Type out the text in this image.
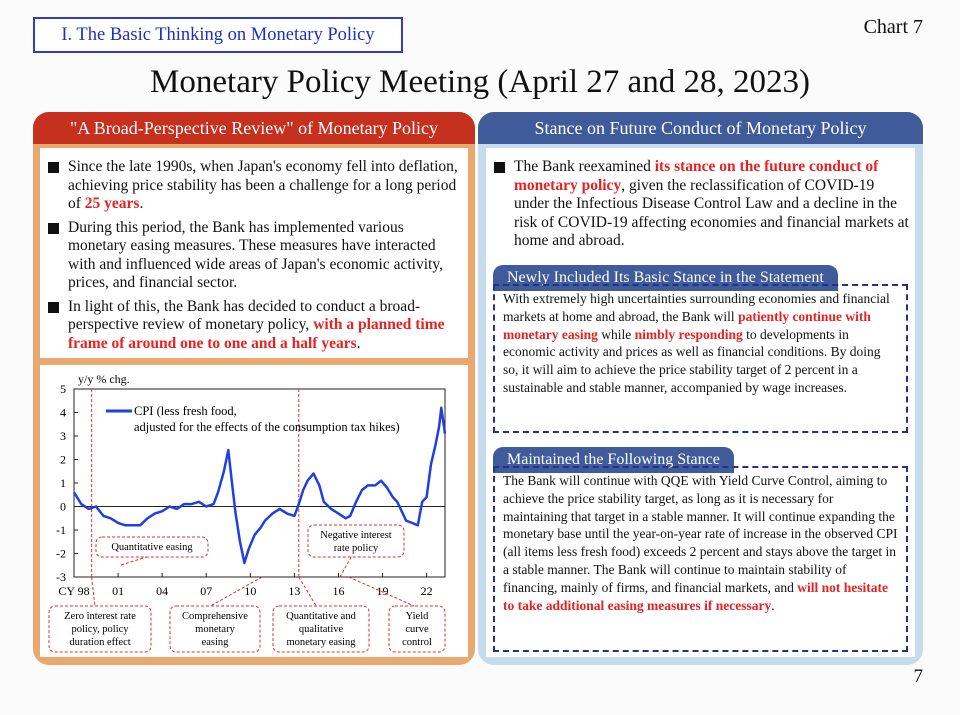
I. The Basic Thinking on Monetary Policy	Chart 7
Monetary Policy Meeting (April 27 and 28, 2023)
"A Broad-Perspective Review" of Monetary Policy
Since the late 1990s, when Japan's economy fell into deflation, achieving price stability has been a challenge for a long period of 25 years.
During this period, the Bank has implemented various monetary easing measures. These measures have interacted with and influenced wide areas of Japan's economic activity, prices, and financial sector.
In light of this, the Bank has decided to conduct a broad-perspective review of monetary policy, with a planned time frame of around one to one and a half years.
y/y % chg.
-3
-2
-1
0
1
2
3
4
5
CY 98 01	04	07	10	13	16	19	22
CPI (less fresh food, adjusted for the effects of the consumption tax hikes)
Quantitative easing
Negative interest rate policy
Zero interest rate policy, policy duration effect
Comprehensive monetary easing
Quantitative and qualitative monetary easing
Yield curve control
Stance on Future Conduct of Monetary Policy
The Bank reexamined its stance on the future conduct of monetary policy, given the reclassification of COVID-19 under the Infectious Disease Control Law and a decline in the risk of COVID-19 affecting economies and financial markets at home and abroad.
Newly Included Its Basic Stance in the Statement
With extremely high uncertainties surrounding economies and financial markets at home and abroad, the Bank will patiently continue with monetary easing while nimbly responding to developments in economic activity and prices as well as financial conditions. By doing so, it will aim to achieve the price stability target of 2 percent in a sustainable and stable manner, accompanied by wage increases.
Maintained the Following Stance
The Bank will continue with QQE with Yield Curve Control, aiming to achieve the price stability target, as long as it is necessary for maintaining that target in a stable manner. It will continue expanding the monetary base until the year-on-year rate of increase in the observed CPI (all items less fresh food) exceeds 2 percent and stays above the target in a stable manner. The Bank will continue to maintain stability of financing, mainly of firms, and financial markets, and will not hesitate to take additional easing measures if necessary.
7
